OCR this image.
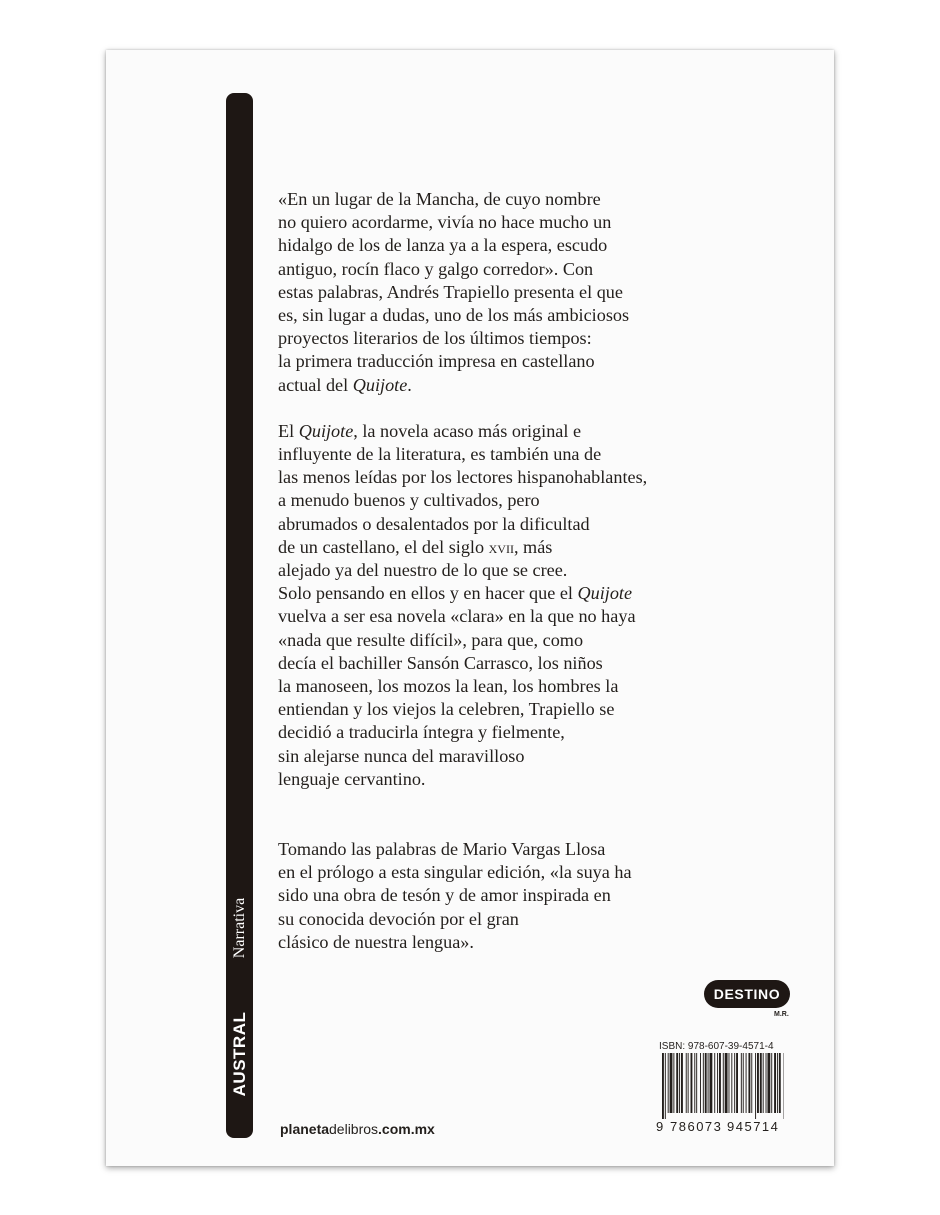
Narrativa
AUSTRAL

«En un lugar de la Mancha, de cuyo nombre
no quiero acordarme, vivía no hace mucho un
hidalgo de los de lanza ya a la espera, escudo
antiguo, rocín flaco y galgo corredor». Con
estas palabras, Andrés Trapiello presenta el que
es, sin lugar a dudas, uno de los más ambiciosos
proyectos literarios de los últimos tiempos:
la primera traducción impresa en castellano
actual del Quijote.

El Quijote, la novela acaso más original e
influyente de la literatura, es también una de
las menos leídas por los lectores hispanohablantes,
a menudo buenos y cultivados, pero
abrumados o desalentados por la dificultad
de un castellano, el del siglo xvii, más
alejado ya del nuestro de lo que se cree.
Solo pensando en ellos y en hacer que el Quijote
vuelva a ser esa novela «clara» en la que no haya
«nada que resulte difícil», para que, como
decía el bachiller Sansón Carrasco, los niños
la manoseen, los mozos la lean, los hombres la
entiendan y los viejos la celebren, Trapiello se
decidió a traducirla íntegra y fielmente,
sin alejarse nunca del maravilloso
lenguaje cervantino.

Tomando las palabras de Mario Vargas Llosa
en el prólogo a esta singular edición, «la suya ha
sido una obra de tesón y de amor inspirada en
su conocida devoción por el gran
clásico de nuestra lengua».

planetadelibros.com.mx
DESTINO
M.R.
ISBN: 978-607-39-4571-4
9 786073 945714
